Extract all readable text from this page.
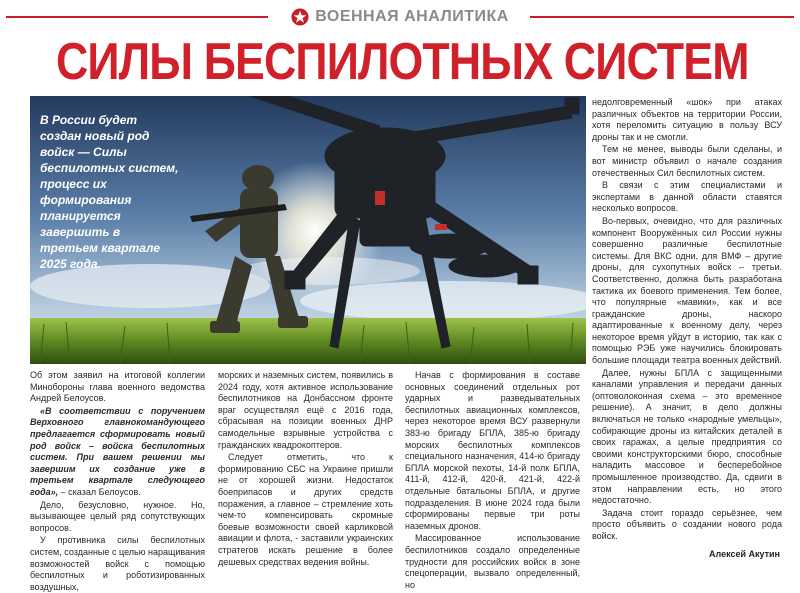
ВОЕННАЯ АНАЛИТИКА
СИЛЫ БЕСПИЛОТНЫХ СИСТЕМ

В России будет создан новый род войск — Силы беспилотных систем, процесс их формирования планируется завершить в третьем квартале 2025 года.

недолговременный «шок» при атаках различных объектов на территории России, хотя переломить ситуацию в пользу ВСУ дроны так и не смогли.

Тем не менее, выводы были сделаны, и вот министр объявил о начале создания отечественных Сил беспилотных систем.

В связи с этим специалистами и экспертами в данной области ставятся несколько вопросов.

Во-первых, очевидно, что для различных компонент Вооружённых сил России нужны совершенно различные беспилотные системы. Для ВКС одни, для ВМФ – другие дроны, для сухопутных войск – третьи. Соответственно, должна быть разработана тактика их боевого применения. Тем более, что популярные «мавики», как и все гражданские дроны, наскоро адаптированные к военному делу, через некоторое время уйдут в историю, так как с помощью РЭБ уже научились блокировать большие площади театра военных действий.

Далее, нужны БПЛА с защищенными каналами управления и передачи данных (оптоволоконная схема – это временное решение). А значит, в дело должны включаться не только «народные умельцы», собирающие дроны из китайских деталей в своих гаражах, а целые предприятия со своими конструкторскими бюро, способные наладить массовое и бесперебойное промышленное производство. Да, сдвиги в этом направлении есть, но этого недостаточно.

Задача стоит гораздо серьёзнее, чем просто объявить о создании нового рода войск.

Алексей Акутин

Об этом заявил на итоговой коллегии Минобороны глава военного ведомства Андрей Белоусов.

«В соответствии с поручением Верховного главнокомандующего предлагается сформировать новый род войск – войска беспилотных систем. При вашем решении мы завершим их создание уже в третьем квартале следующего года», – сказал Белоусов.

Дело, безусловно, нужное. Но, вызывающее целый ряд сопутствующих вопросов.

У противника силы беспилотных систем, созданные с целью наращивания возможностей войск с помощью беспилотных и роботизированных воздушных,

морских и наземных систем, появились в 2024 году, хотя активное использование беспилотников на Донбассном фронте враг осуществлял ещё с 2016 года, сбрасывая на позиции военных ДНР самодельные взрывные устройства с гражданских квадрокоптеров.

Следует отметить, что к формированию СБС на Украине пришли не от хорошей жизни. Недостаток боеприпасов и других средств поражения, а главное – стремление хоть чем-то компенсировать скромные боевые возможности своей карликовой авиации и флота, - заставили украинских стратегов искать решение в более дешевых средствах ведения войны.

Начав с формирования в составе основных соединений отдельных рот ударных и разведывательных беспилотных авиационных комплексов, через некоторое время ВСУ развернули 383-ю бригаду БПЛА, 385-ю бригаду морских беспилотных комплексов специального назначения, 414-ю бригаду БПЛА морской пехоты, 14-й полк БПЛА, 411-й, 412-й, 420-й, 421-й, 422-й отдельные батальоны БПЛА, и другие подразделения. В июне 2024 года были сформированы первые три роты наземных дронов.

Массированное использование беспилотников создало определенные трудности для российских войск в зоне спецоперации, вызвало определенный, но
